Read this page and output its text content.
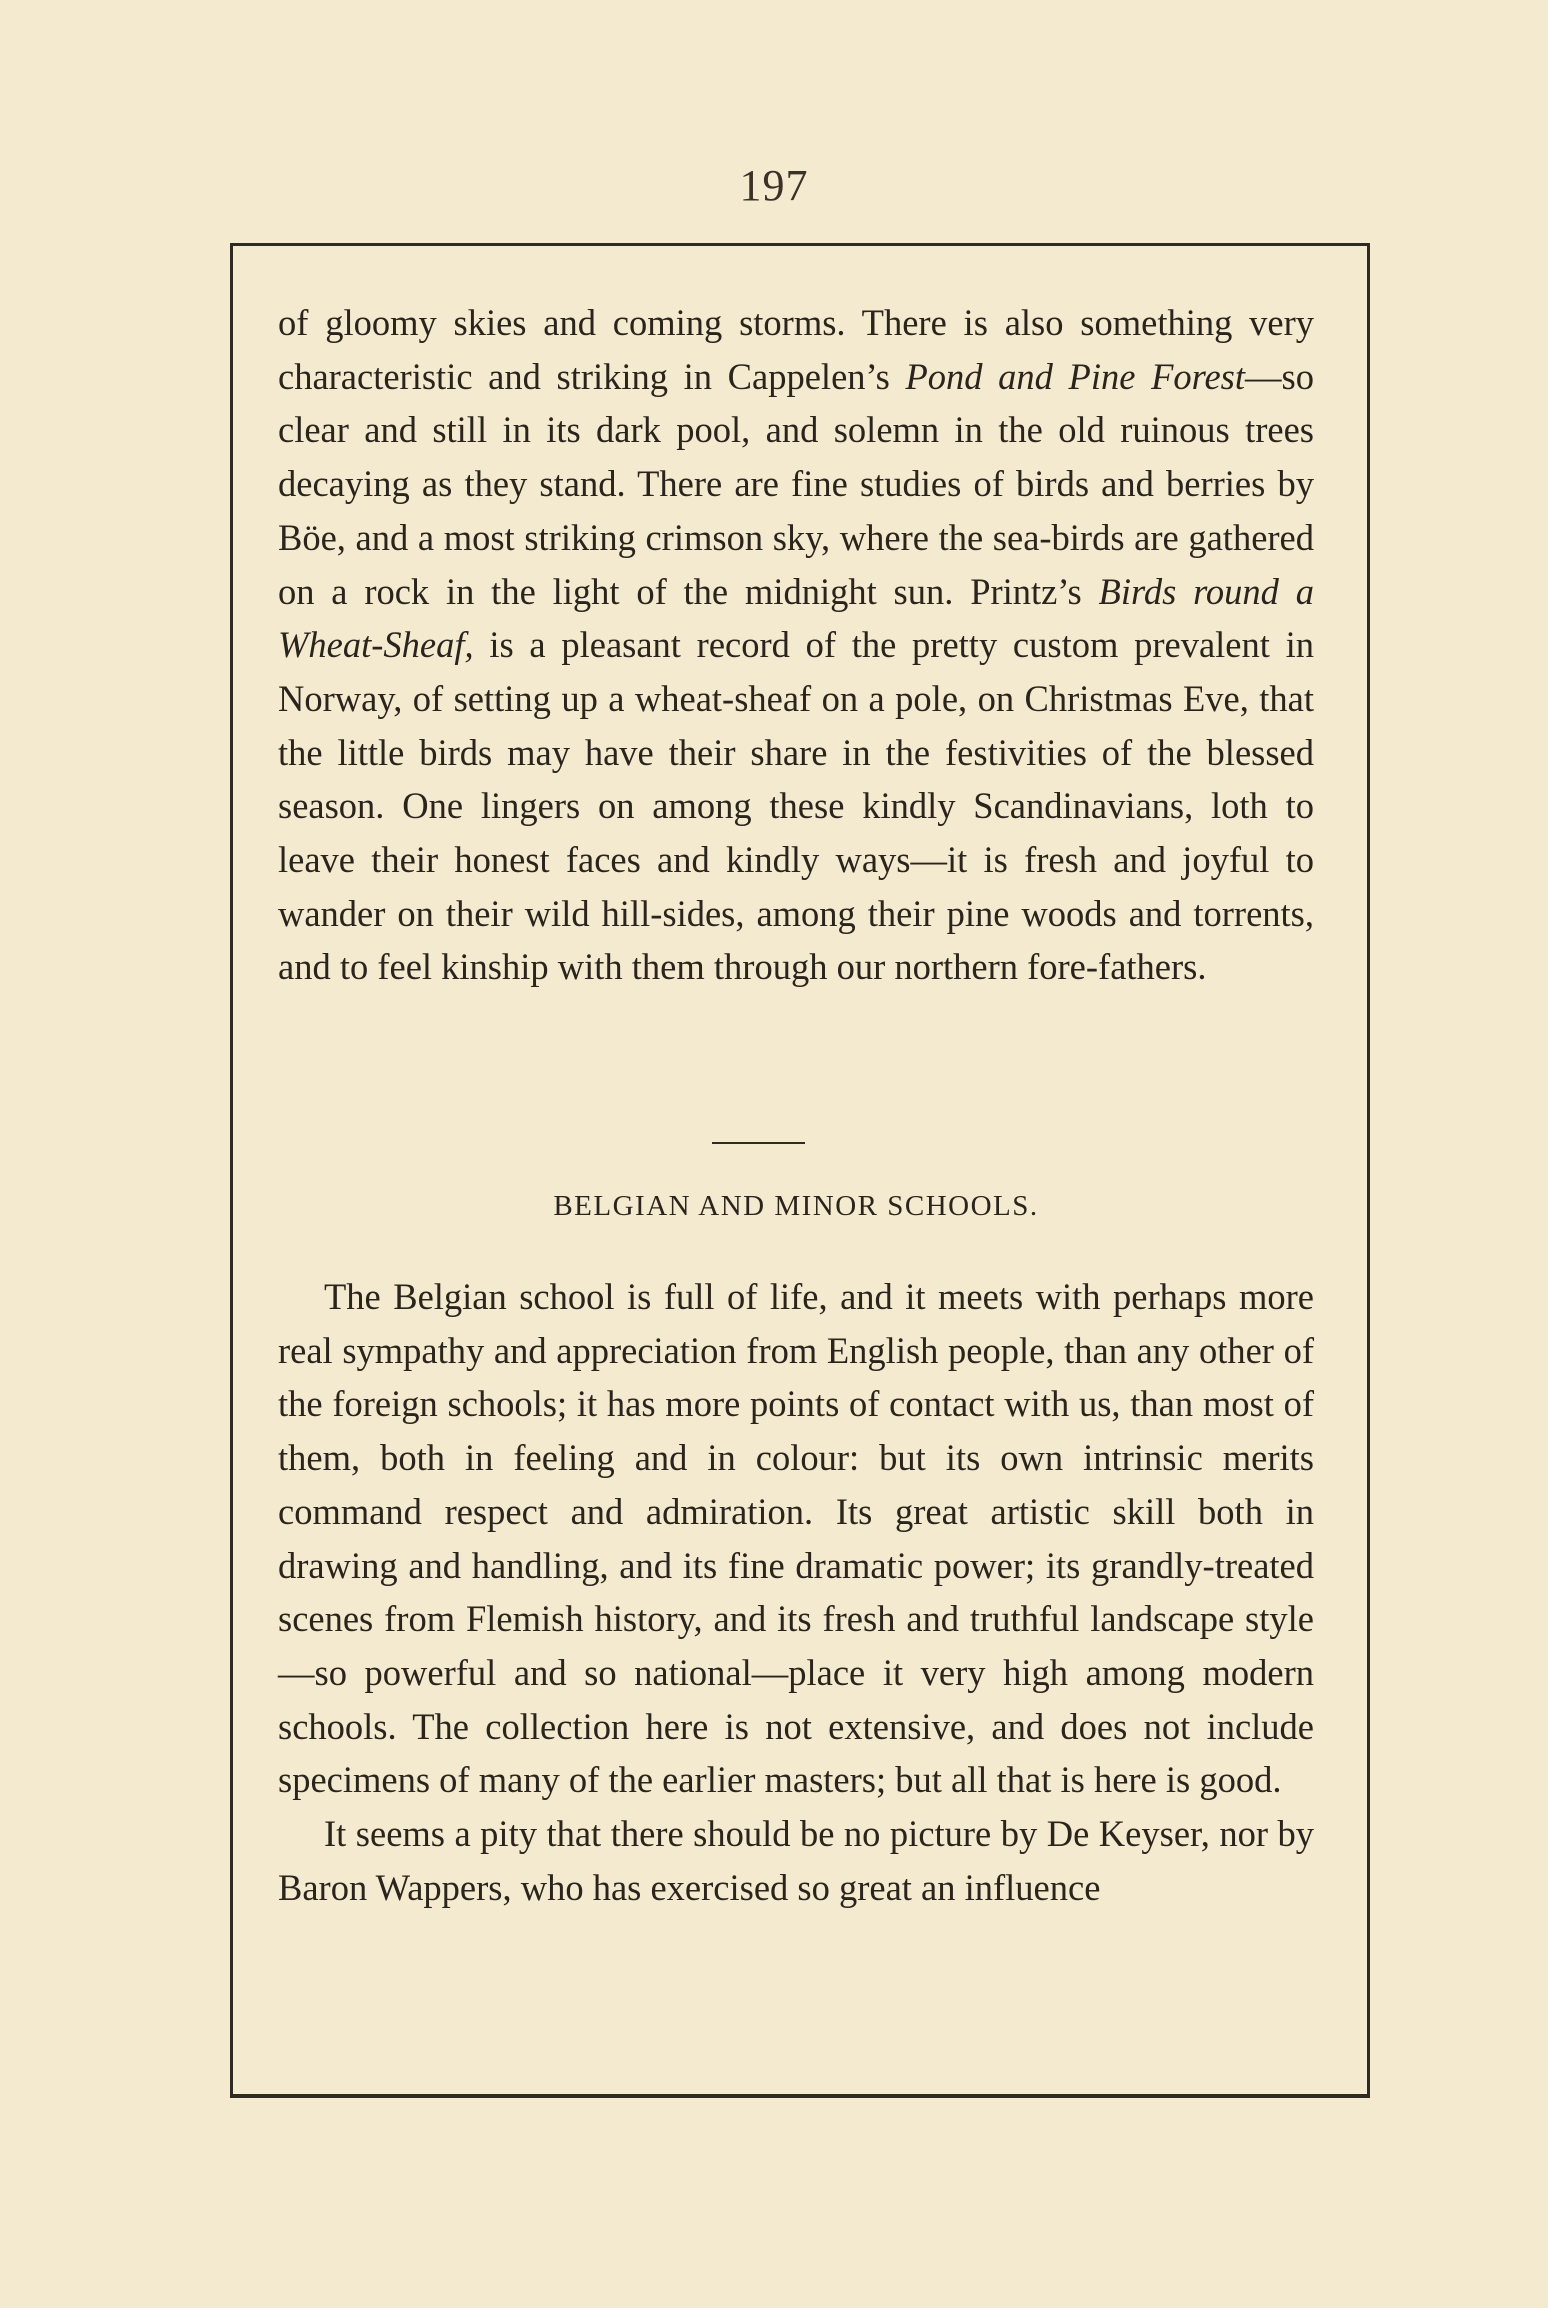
197

of gloomy skies and coming storms. There is also something very characteristic and striking in Cappelen’s Pond and Pine Forest—so clear and still in its dark pool, and solemn in the old ruinous trees decaying as they stand. There are fine studies of birds and berries by Böe, and a most striking crimson sky, where the sea-birds are gathered on a rock in the light of the midnight sun. Printz’s Birds round a Wheat-Sheaf, is a pleasant record of the pretty custom prevalent in Norway, of setting up a wheat-sheaf on a pole, on Christmas Eve, that the little birds may have their share in the festivities of the blessed season. One lingers on among these kindly Scandinavians, loth to leave their honest faces and kindly ways—it is fresh and joyful to wander on their wild hill-sides, among their pine woods and torrents, and to feel kinship with them through our northern fore-fathers.

BELGIAN AND MINOR SCHOOLS.

The Belgian school is full of life, and it meets with perhaps more real sympathy and appreciation from English people, than any other of the foreign schools; it has more points of contact with us, than most of them, both in feeling and in colour: but its own intrinsic merits command respect and admiration. Its great artistic skill both in drawing and handling, and its fine dramatic power; its grandly-treated scenes from Flemish history, and its fresh and truthful landscape style—so powerful and so national—place it very high among modern schools. The collection here is not extensive, and does not include specimens of many of the earlier masters; but all that is here is good.

It seems a pity that there should be no picture by De Keyser, nor by Baron Wappers, who has exercised so great an influence
